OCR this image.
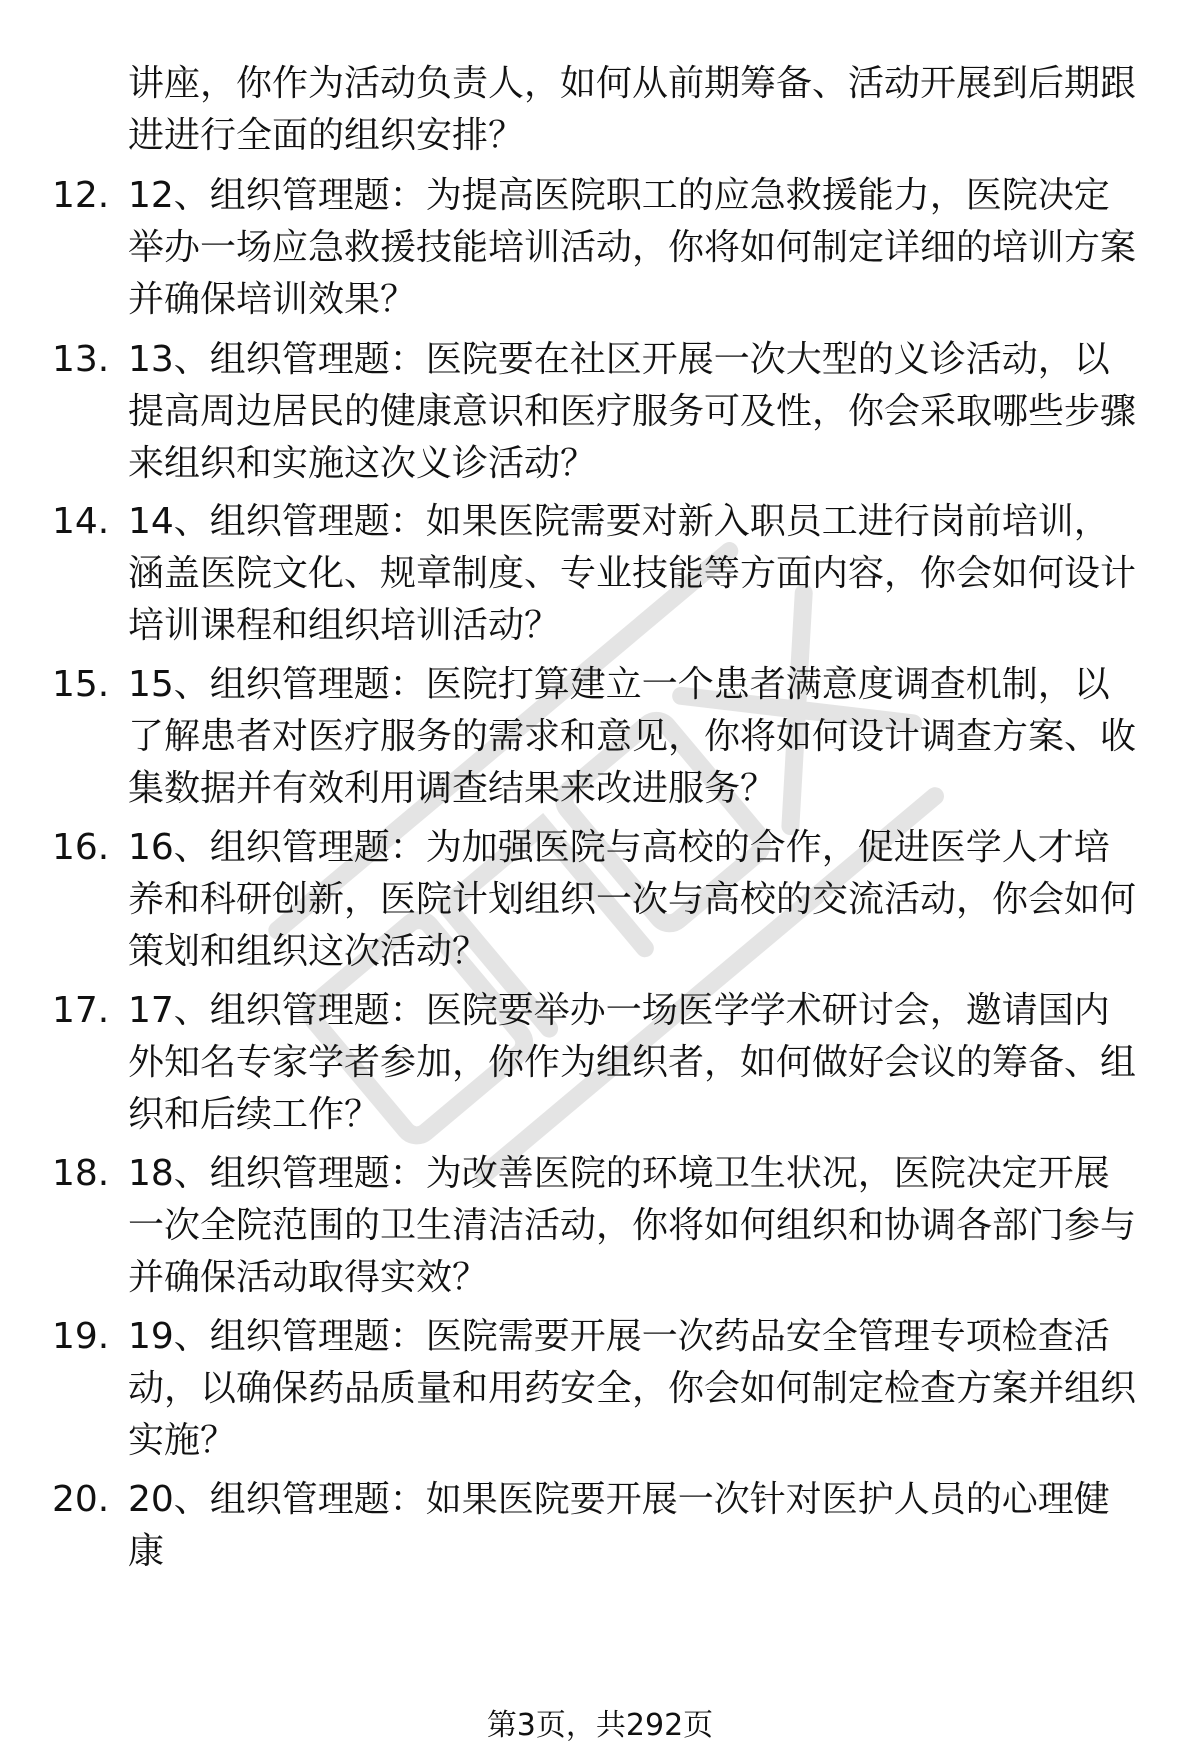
讲座，你作为活动负责人，如何从前期筹备、活动开展到后期跟进进行全面的组织安排？

12. 12、组织管理题：为提高医院职工的应急救援能力，医院决定举办一场应急救援技能培训活动，你将如何制定详细的培训方案并确保培训效果？

13. 13、组织管理题：医院要在社区开展一次大型的义诊活动，以提高周边居民的健康意识和医疗服务可及性，你会采取哪些步骤来组织和实施这次义诊活动？

14. 14、组织管理题：如果医院需要对新入职员工进行岗前培训，涵盖医院文化、规章制度、专业技能等方面内容，你会如何设计培训课程和组织培训活动？

15. 15、组织管理题：医院打算建立一个患者满意度调查机制，以了解患者对医疗服务的需求和意见，你将如何设计调查方案、收集数据并有效利用调查结果来改进服务？

16. 16、组织管理题：为加强医院与高校的合作，促进医学人才培养和科研创新，医院计划组织一次与高校的交流活动，你会如何策划和组织这次活动？

17. 17、组织管理题：医院要举办一场医学学术研讨会，邀请国内外知名专家学者参加，你作为组织者，如何做好会议的筹备、组织和后续工作？

18. 18、组织管理题：为改善医院的环境卫生状况，医院决定开展一次全院范围的卫生清洁活动，你将如何组织和协调各部门参与并确保活动取得实效？

19. 19、组织管理题：医院需要开展一次药品安全管理专项检查活动，以确保药品质量和用药安全，你会如何制定检查方案并组织实施？

20. 20、组织管理题：如果医院要开展一次针对医护人员的心理健康

第3页，共292页
